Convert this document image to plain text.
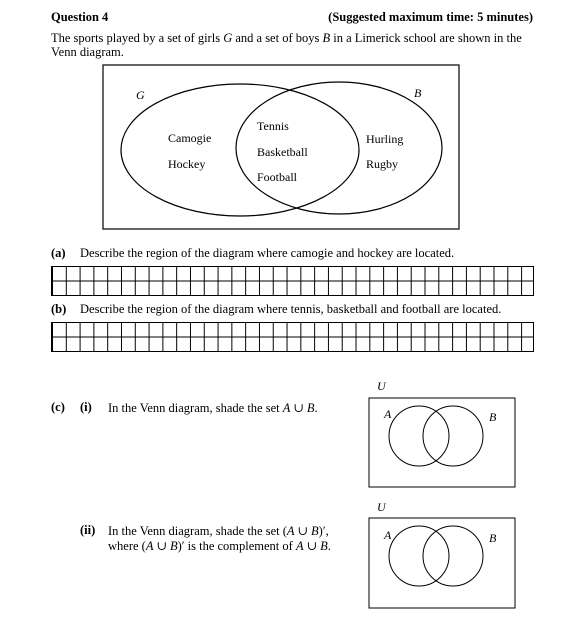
Question 4	(Suggested maximum time: 5 minutes)
The sports played by a set of girls G and a set of boys B in a Limerick school are shown in the Venn diagram.
G	B
Camogie
Hockey
Tennis
Basketball
Football
Hurling
Rugby
(a) Describe the region of the diagram where camogie and hockey are located.
(b) Describe the region of the diagram where tennis, basketball and football are located.
(c) (i) In the Venn diagram, shade the set A ∪ B.
(ii) In the Venn diagram, shade the set (A ∪ B)′,
where (A ∪ B)′ is the complement of A ∪ B.
U
A	B
U
A	B
